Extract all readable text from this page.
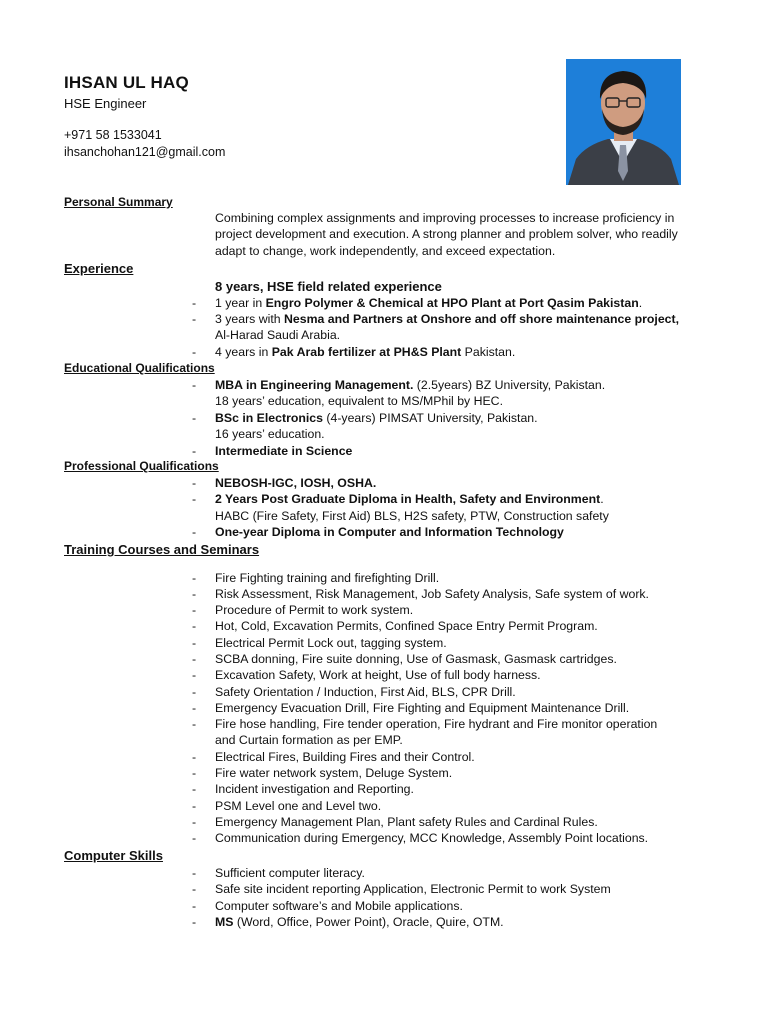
IHSAN UL HAQ
HSE Engineer
+971 58 1533041
ihsanchohan121@gmail.com
Personal Summary
Combining complex assignments and improving processes to increase proficiency in project development and execution. A strong planner and problem solver, who readily adapt to change, work independently, and exceed expectation.
Experience
8 years, HSE field related experience
- 1 year in Engro Polymer & Chemical at HPO Plant at Port Qasim Pakistan.
- 3 years with Nesma and Partners at Onshore and off shore maintenance project,
Al-Harad Saudi Arabia.
- 4 years in Pak Arab fertilizer at PH&S Plant Pakistan.
Educational Qualifications
- MBA in Engineering Management. (2.5years) BZ University, Pakistan.
18 years’ education, equivalent to MS/MPhil by HEC.
- BSc in Electronics (4-years) PIMSAT University, Pakistan.
16 years’ education.
- Intermediate in Science
Professional Qualifications
- NEBOSH-IGC, IOSH, OSHA.
- 2 Years Post Graduate Diploma in Health, Safety and Environment.
HABC (Fire Safety, First Aid) BLS, H2S safety, PTW, Construction safety
- One-year Diploma in Computer and Information Technology
Training Courses and Seminars
- Fire Fighting training and firefighting Drill.
- Risk Assessment, Risk Management, Job Safety Analysis, Safe system of work.
- Procedure of Permit to work system.
- Hot, Cold, Excavation Permits, Confined Space Entry Permit Program.
- Electrical Permit Lock out, tagging system.
- SCBA donning, Fire suite donning, Use of Gasmask, Gasmask cartridges.
- Excavation Safety, Work at height, Use of full body harness.
- Safety Orientation / Induction, First Aid, BLS, CPR Drill.
- Emergency Evacuation Drill, Fire Fighting and Equipment Maintenance Drill.
- Fire hose handling, Fire tender operation, Fire hydrant and Fire monitor operation
and Curtain formation as per EMP.
- Electrical Fires, Building Fires and their Control.
- Fire water network system, Deluge System.
- Incident investigation and Reporting.
- PSM Level one and Level two.
- Emergency Management Plan, Plant safety Rules and Cardinal Rules.
- Communication during Emergency, MCC Knowledge, Assembly Point locations.
Computer Skills
- Sufficient computer literacy.
- Safe site incident reporting Application, Electronic Permit to work System
- Computer software’s and Mobile applications.
- MS (Word, Office, Power Point), Oracle, Quire, OTM.
